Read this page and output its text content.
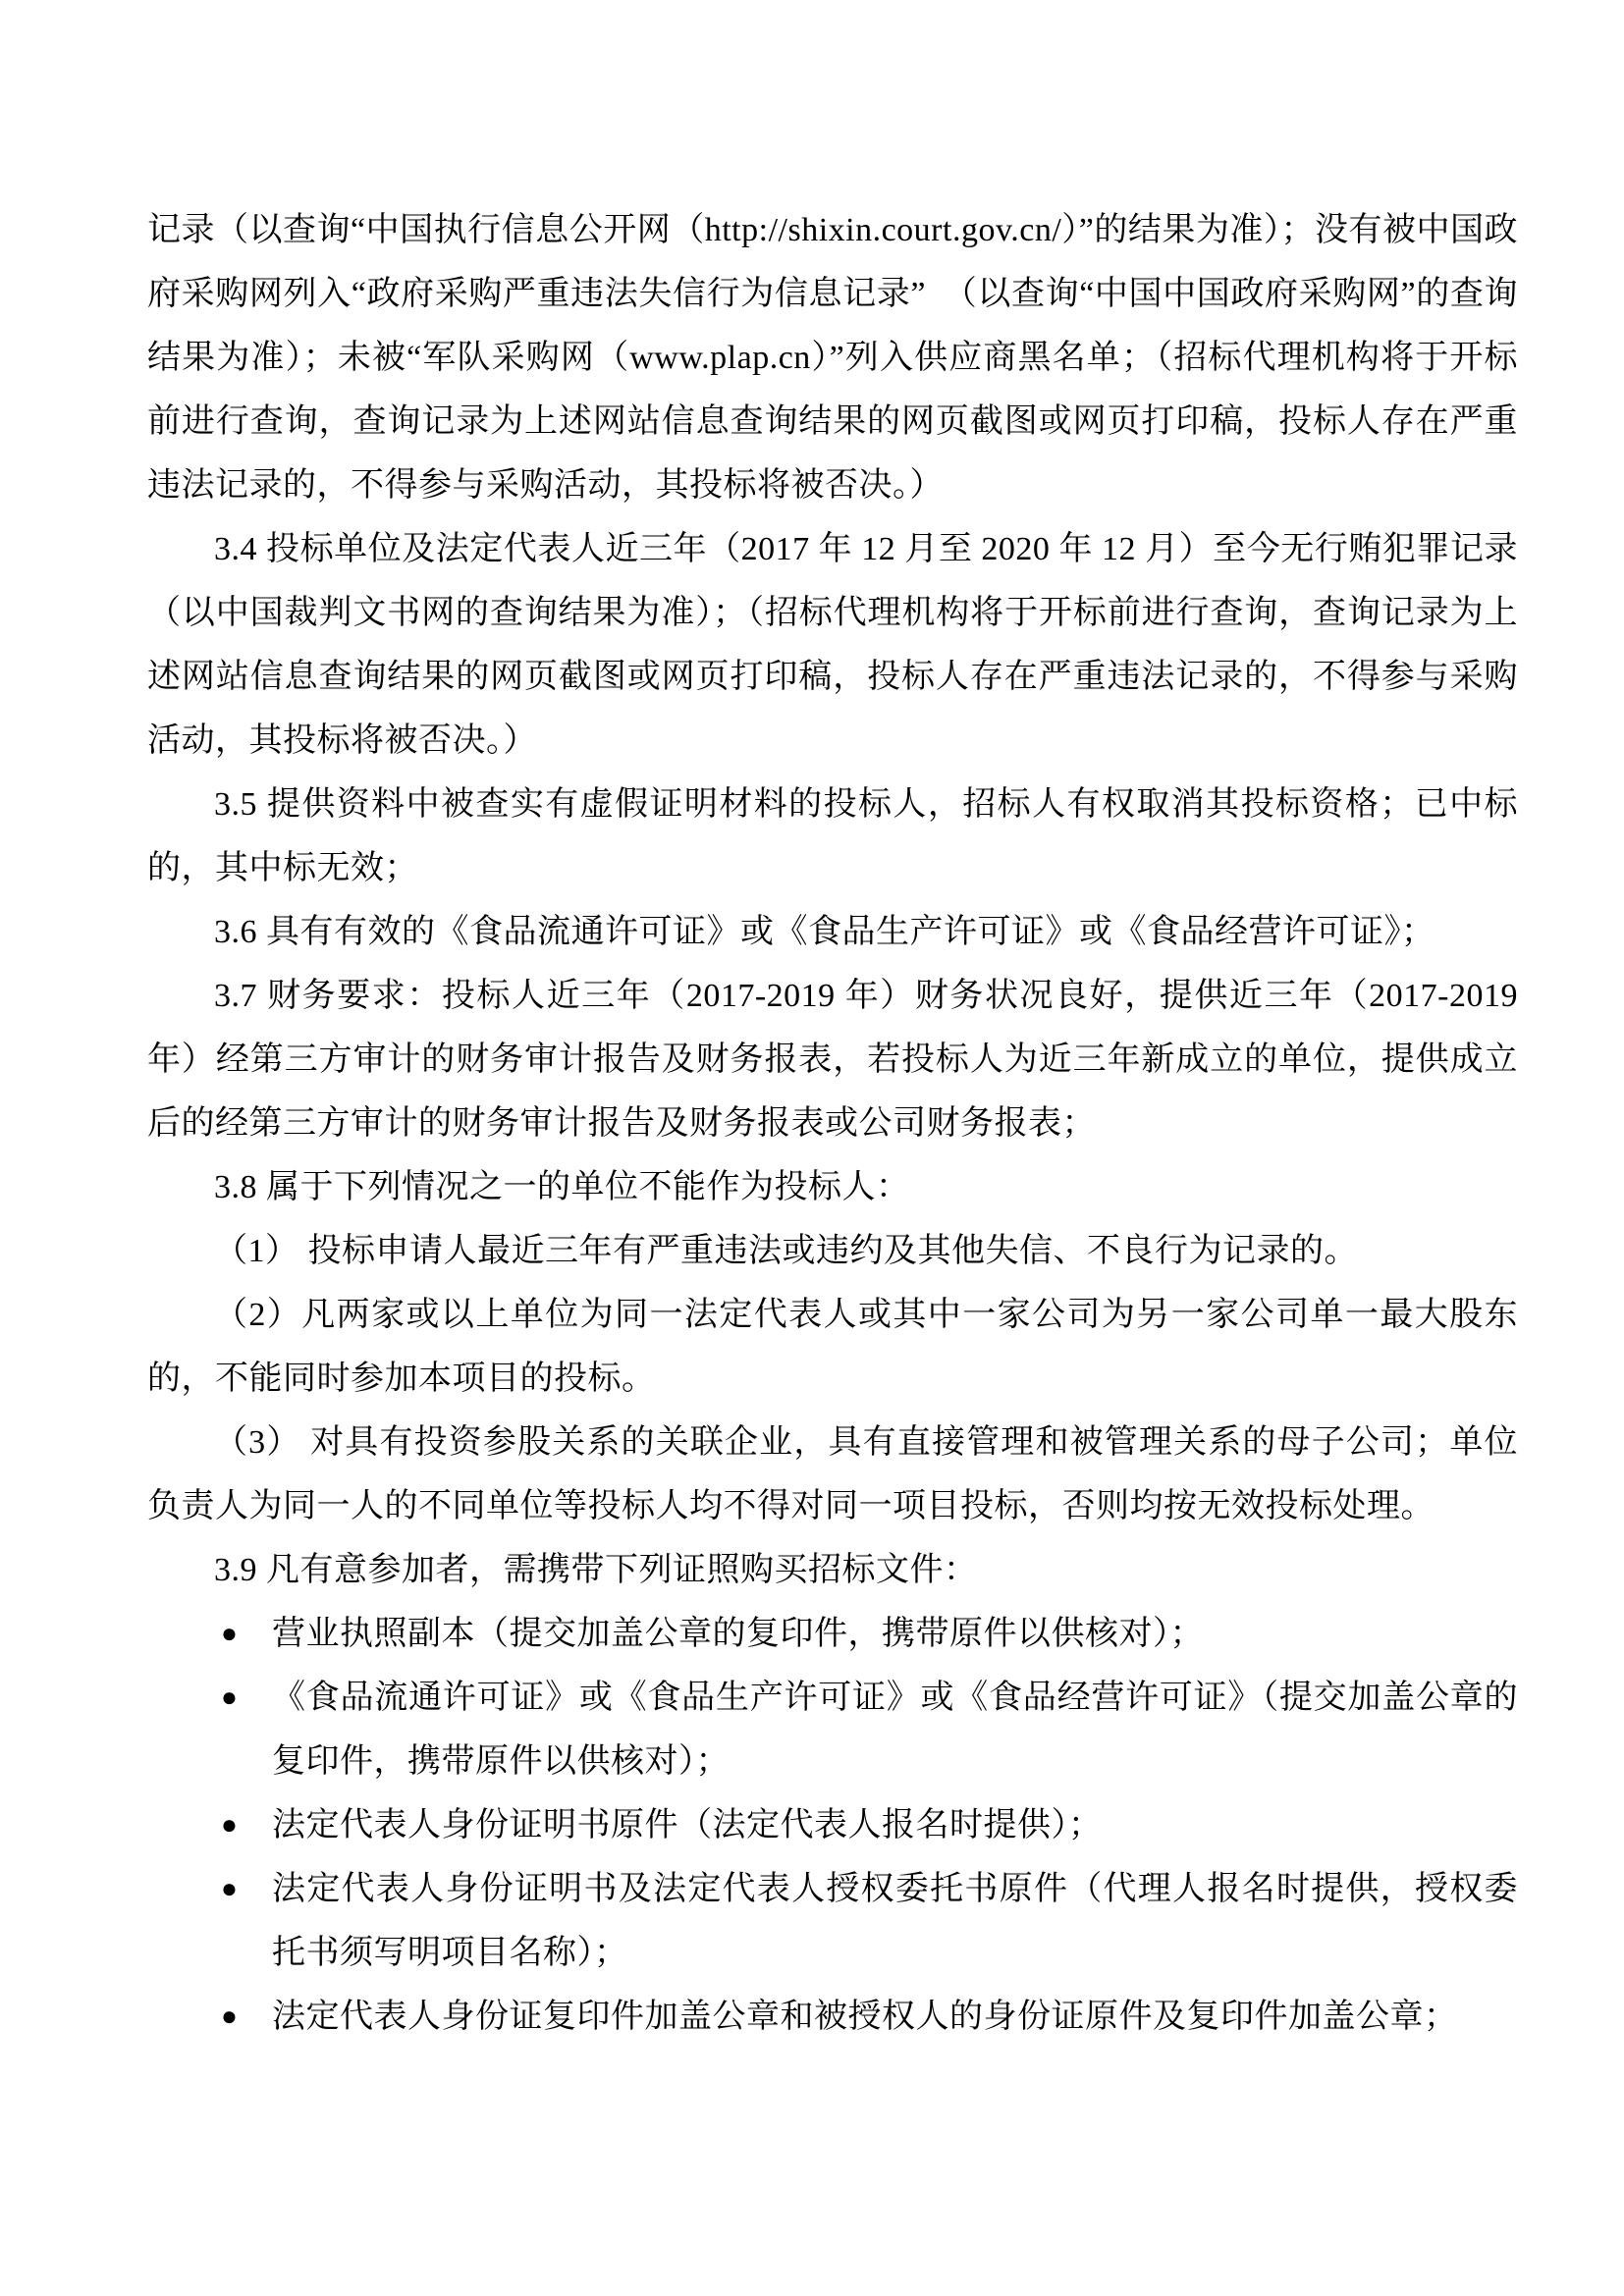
记录（以查询“中国执行信息公开网（http://shixin.court.gov.cn/）”的结果为准）；没有被中国政府采购网列入“政府采购严重违法失信行为信息记录”　（以查询“中国中国政府采购网”的查询结果为准）；未被“军队采购网（www.plap.cn）”列入供应商黑名单；（招标代理机构将于开标前进行查询，查询记录为上述网站信息查询结果的网页截图或网页打印稿，投标人存在严重违法记录的，不得参与采购活动，其投标将被否决。）
3.4 投标单位及法定代表人近三年（2017 年 12 月至 2020 年 12 月）至今无行贿犯罪记录（以中国裁判文书网的查询结果为准）；（招标代理机构将于开标前进行查询，查询记录为上述网站信息查询结果的网页截图或网页打印稿，投标人存在严重违法记录的，不得参与采购活动，其投标将被否决。）
3.5 提供资料中被查实有虚假证明材料的投标人，招标人有权取消其投标资格；已中标的，其中标无效；
3.6 具有有效的《食品流通许可证》或《食品生产许可证》或《食品经营许可证》；
3.7 财务要求：投标人近三年（2017-2019 年）财务状况良好，提供近三年（2017-2019 年）经第三方审计的财务审计报告及财务报表，若投标人为近三年新成立的单位，提供成立后的经第三方审计的财务审计报告及财务报表或公司财务报表；
3.8 属于下列情况之一的单位不能作为投标人：
（1） 投标申请人最近三年有严重违法或违约及其他失信、不良行为记录的。
（2）凡两家或以上单位为同一法定代表人或其中一家公司为另一家公司单一最大股东的，不能同时参加本项目的投标。
（3） 对具有投资参股关系的关联企业，具有直接管理和被管理关系的母子公司；单位负责人为同一人的不同单位等投标人均不得对同一项目投标，否则均按无效投标处理。
3.9 凡有意参加者，需携带下列证照购买招标文件：
● 营业执照副本（提交加盖公章的复印件，携带原件以供核对）；
● 《食品流通许可证》或《食品生产许可证》或《食品经营许可证》（提交加盖公章的复印件，携带原件以供核对）；
● 法定代表人身份证明书原件（法定代表人报名时提供）；
● 法定代表人身份证明书及法定代表人授权委托书原件（代理人报名时提供，授权委托书须写明项目名称）；
● 法定代表人身份证复印件加盖公章和被授权人的身份证原件及复印件加盖公章；
